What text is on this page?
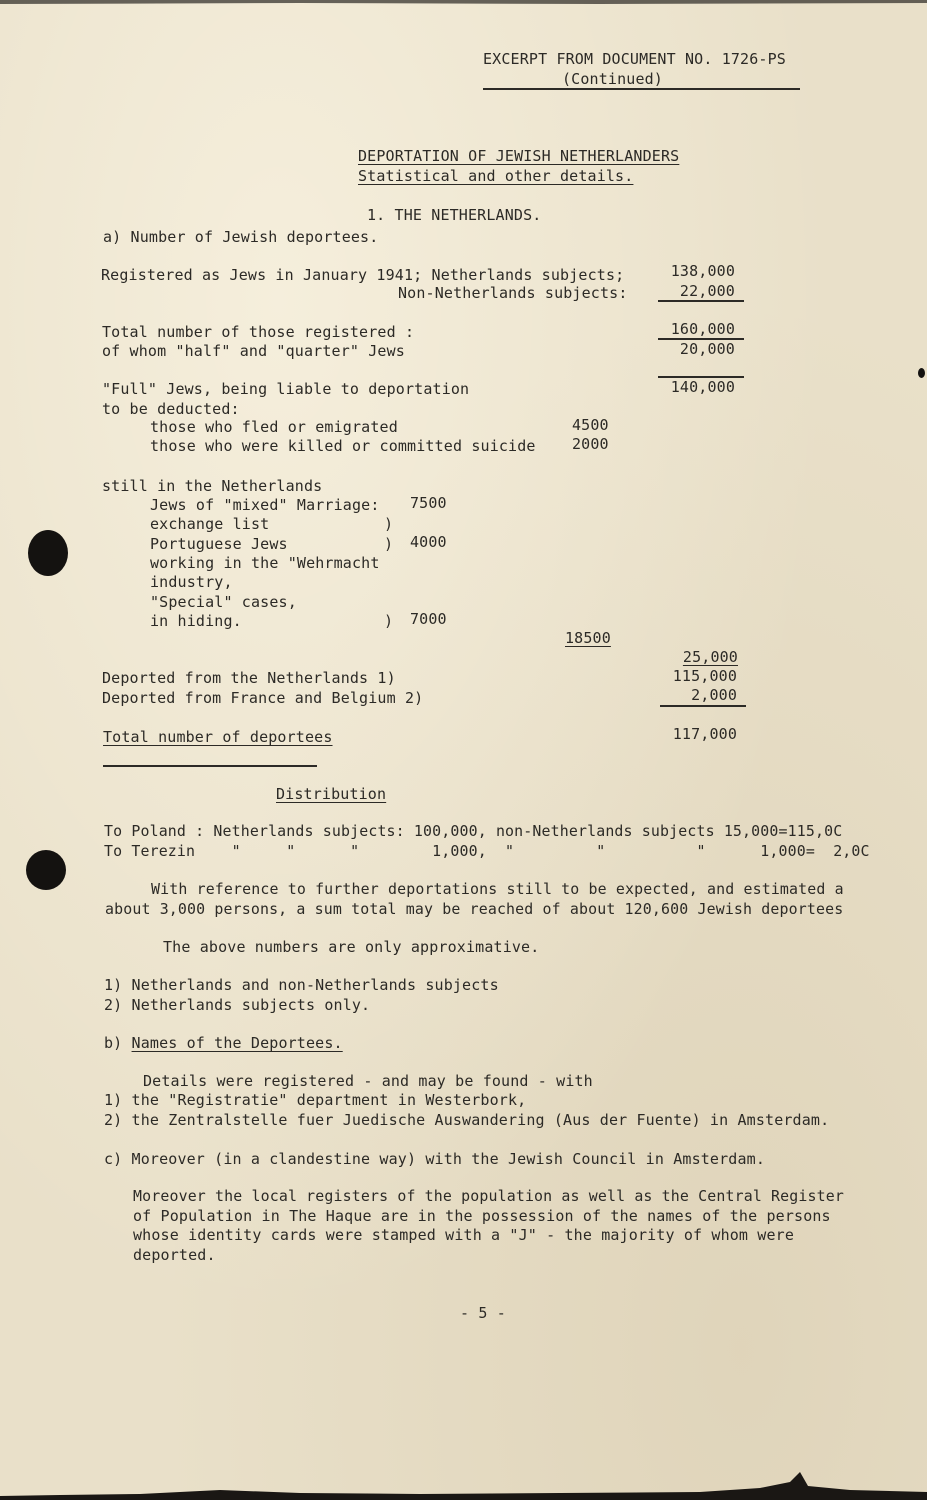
EXCERPT FROM DOCUMENT NO. 1726-PS
(Continued)
DEPORTATION OF JEWISH NETHERLANDERS
Statistical and other details.
1. THE NETHERLANDS.
a) Number of Jewish deportees.
Registered as Jews in January 1941; Netherlands subjects;	138,000
Non-Netherlands subjects:	22,000
Total number of those registered :	160,000
of whom "half" and "quarter" Jews	20,000
"Full" Jews, being liable to deportation	140,000
to be deducted:
those who fled or emigrated	4500
those who were killed or committed suicide 2000
still in the Netherlands
Jews of "mixed" Marriage: 7500
exchange list	)
Portuguese Jews	) 4000
working in the "Wehrmacht
industry,
"Special" cases,
in hiding.	) 7000
18500
25,000
Deported from the Netherlands 1)	115,000
Deported from France and Belgium 2)	2,000
Total number of deportees	117,000
Distribution
To Poland : Netherlands subjects: 100,000, non-Netherlands subjects 15,000=115,0C
To Terezin    "     "      "        1,000,  "         "          "      1,000=  2,0C
With reference to further deportations still to be expected, and estimated a
about 3,000 persons, a sum total may be reached of about 120,600 Jewish deportees
The above numbers are only approximative.
1) Netherlands and non-Netherlands subjects
2) Netherlands subjects only.
b) Names of the Deportees.
Details were registered - and may be found - with
1) the "Registratie" department in Westerbork,
2) the Zentralstelle fuer Juedische Auswandering (Aus der Fuente) in Amsterdam.
c) Moreover (in a clandestine way) with the Jewish Council in Amsterdam.
Moreover the local registers of the population as well as the Central Register
of Population in The Haque are in the possession of the names of the persons
whose identity cards were stamped with a "J" - the majority of whom were
deported.
- 5 -
